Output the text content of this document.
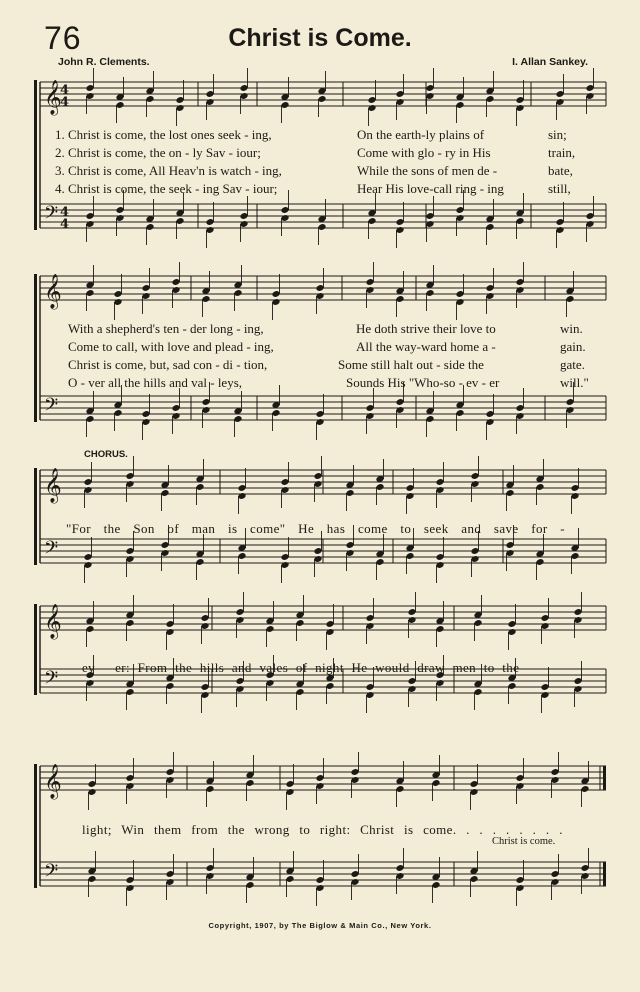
𝄞
𝄢
4
4
4
4
𝄞
𝄢
𝄞
𝄢
𝄞
𝄢
𝄞
𝄢
76	Christ is Come.
John R. Clements.	I. Allan Sankey.
1. Christ is come, the lost ones seek - ing,	On the earth-ly plains of	sin;
2. Christ is come, the on - ly Sav - iour;	Come with glo - ry in His	train,
3. Christ is come, All Heav'n is watch - ing,	While the sons of men de -	bate,
4. Christ is come, the seek - ing Sav - iour;	Hear His love-call ring - ing	still,
With a shepherd's ten - der long - ing,	He doth strive their love to	win.
Come to call, with love and plead - ing,	All the way-ward home a -	gain.
Christ is come, but, sad con - di - tion,	Some still halt out - side the	gate.
O - ver all the hills and val - leys,	Sounds His "Who-so - ev - er	will."
CHORUS.
"For the Son of man is come" He has come to seek and save for -
ev - er: From the hills and vales of night He would draw men to the
light; Win them from the wrong to right: Christ is come. . . . . . . . .
Christ is come.
Copyright, 1907, by The Biglow & Main Co., New York.
